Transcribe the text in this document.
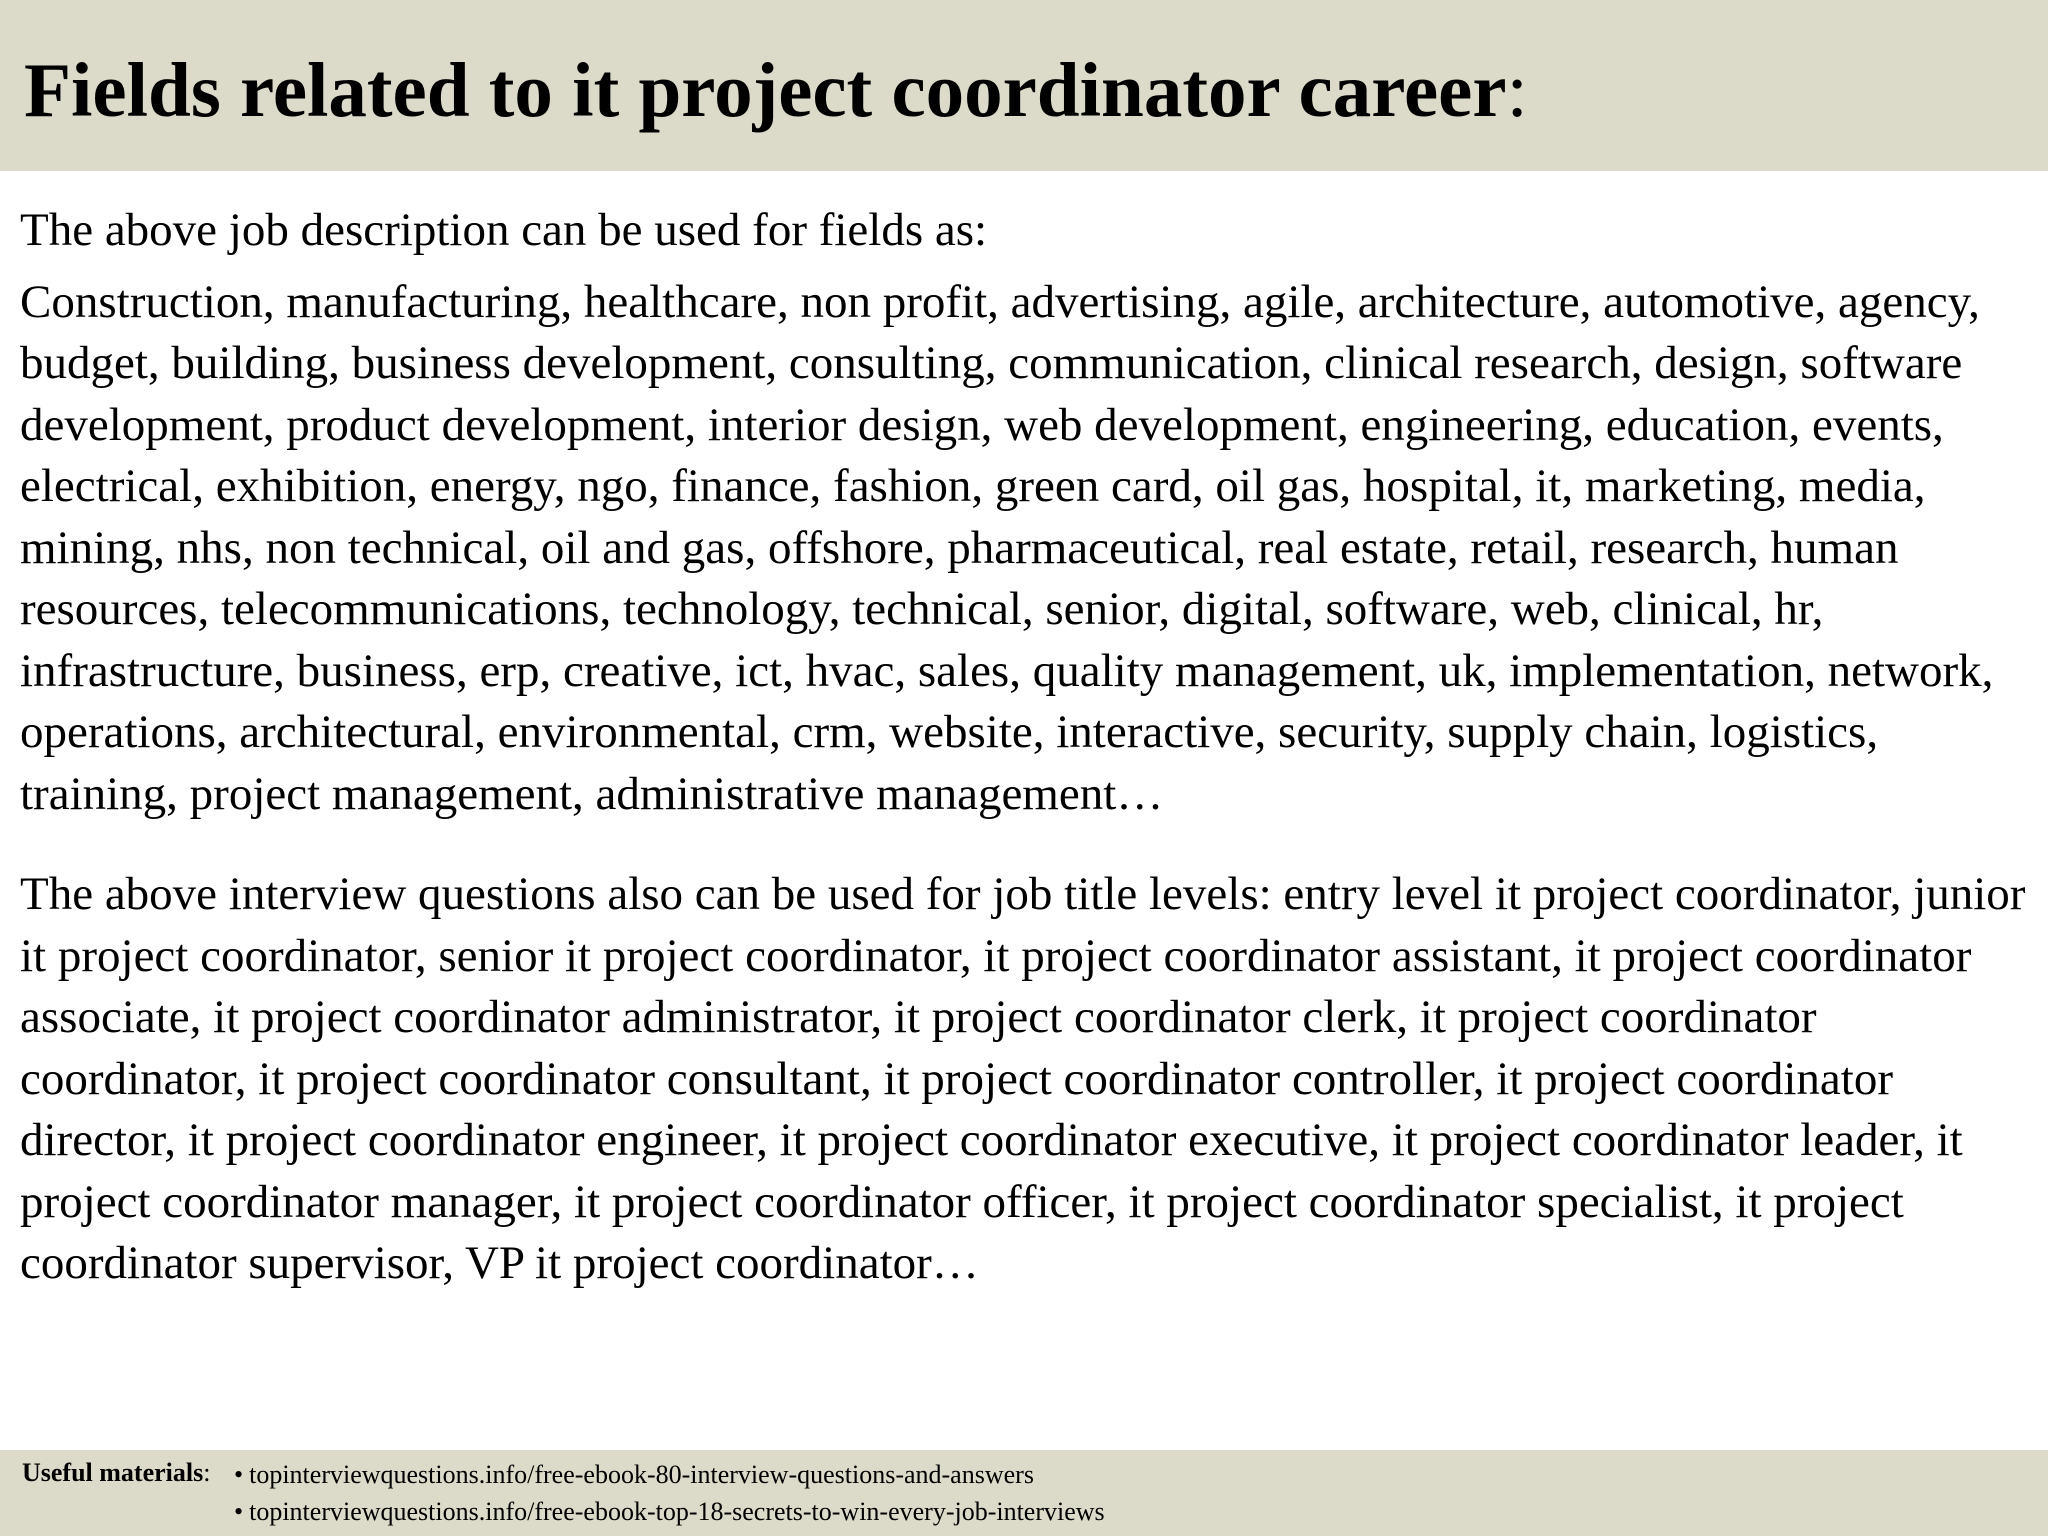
Fields related to it project coordinator career:

The above job description can be used for fields as:

Construction, manufacturing, healthcare, non profit, advertising, agile, architecture, automotive, agency, budget, building, business development, consulting, communication, clinical research, design, software development, product development, interior design, web development, engineering, education, events, electrical, exhibition, energy, ngo, finance, fashion, green card, oil gas, hospital, it, marketing, media, mining, nhs, non technical, oil and gas, offshore, pharmaceutical, real estate, retail, research, human resources, telecommunications, technology, technical, senior, digital, software, web, clinical, hr, infrastructure, business, erp, creative, ict, hvac, sales, quality management, uk, implementation, network, operations, architectural, environmental, crm, website, interactive, security, supply chain, logistics, training, project management, administrative management…

The above interview questions also can be used for job title levels: entry level it project coordinator, junior it project coordinator, senior it project coordinator, it project coordinator assistant, it project coordinator associate, it project coordinator administrator, it project coordinator clerk, it project coordinator coordinator, it project coordinator consultant, it project coordinator controller, it project coordinator director, it project coordinator engineer, it project coordinator executive, it project coordinator leader, it project coordinator manager, it project coordinator officer, it project coordinator specialist, it project coordinator supervisor, VP it project coordinator…

Useful materials: • topinterviewquestions.info/free-ebook-80-interview-questions-and-answers
• topinterviewquestions.info/free-ebook-top-18-secrets-to-win-every-job-interviews
